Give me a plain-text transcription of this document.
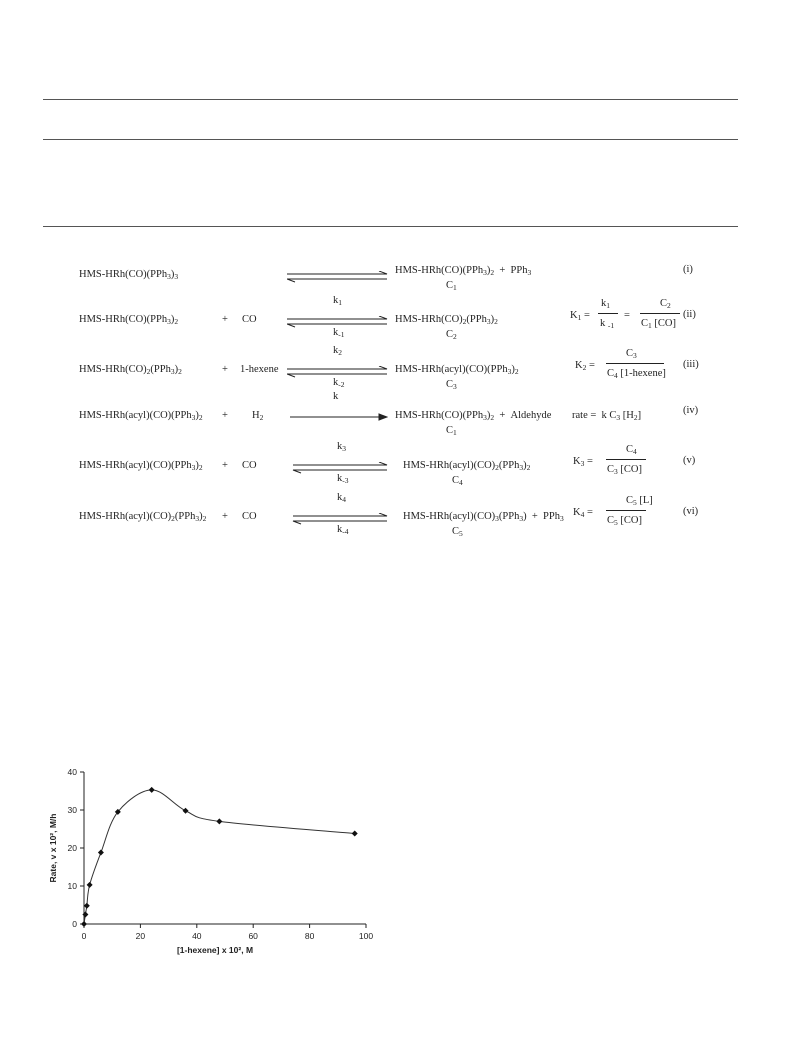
HMS-$HRh(CO)(PPh_3)_3$
HMS-$HRh(CO)(PPh_3)_2 + PPh_3$
$C_1$
(i)
HMS-$HRh(CO)(PPh_3)_2$	+ CO
$k_1$
$k_{-1}$
HMS-$HRh(CO)_2(PPh_3)_2$
$C_2$
(ii)
$K_1$ =
$k_1$
k $_{-1}$
=
$C_2$
$C_1$ [CO]
HMS-$HRh(CO)_2(PPh_3)_2$	+ 1-hexene
$k_2$
$k_{-2}$
HMS-$HRh(acyl)(CO)(PPh_3)_2$
$C_3$
(iii)
$K_2$ =
$C_3$
$C_4$ [1-hexene]
HMS-$HRh(acyl)(CO)(PPh_3)_2 + H_2$
k
HMS-$HRh(CO)(PPh_3)_2$  +  Aldehyde
$C_1$
(iv)
rate =  k $C_3$ $[H_2]$
HMS-$HRh(acyl)(CO)(PPh_3)_2$ + CO
$k_3$
$k_{-3}$
HMS-$HRh(acyl)(CO)_2(PPh_3)_2$
$C_4$
(v)
$K_3$ =
$C_4$
$C_3$ [CO]
HMS-$HRh(acyl)(CO)_2(PPh_3)_2$ + CO
$k_4$
$k_{-4}$
HMS-$HRh(acyl)(CO)_3(PPh_3) + PPh_3$
$C_5$
(vi)
$K_4$ =
$C_5$ [L]
$C_5$ [CO]
0	20	40	60	80	100
0
10
20
30
40
[1-hexene] x 10², M
Rate, v x 10², M/h
